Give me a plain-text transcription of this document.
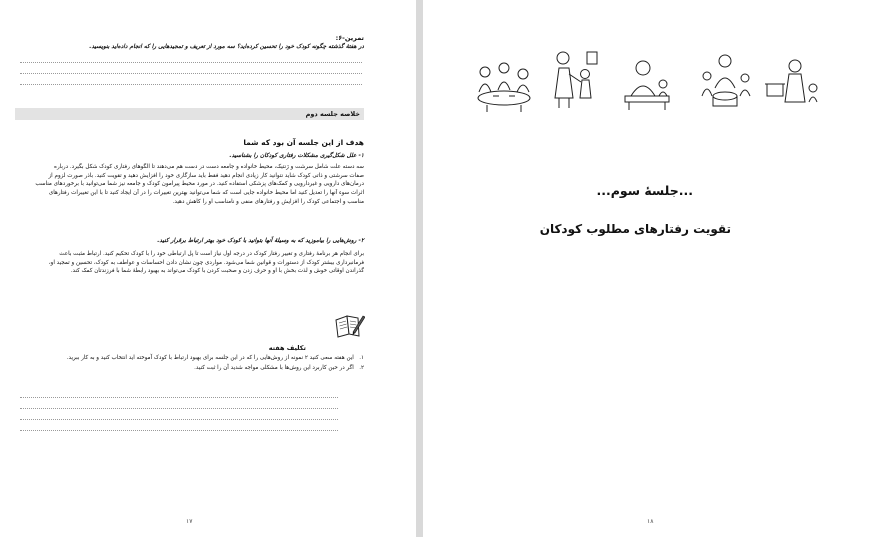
تمرین-۶:
در هفتهٔ گذشته چگونه کودک خود را تحسین کرده‌اید؟ سه مورد از تعریف و تمجیدهایی را که انجام داده‌اید بنویسید.
خلاصه جلسه دوم
هدف از این جلسه آن بود که شما
۱- علل شکل‌گیری مشکلات رفتاری کودکان را بشناسید.
سه دسته علت شامل سرشت و ژنتیک، محیط خانواده و جامعه دست در دست هم می‌دهند تا الگوهای رفتاری کودک شکل بگیرد. درباره
صفات سرشتی و ذاتی کودک شاید نتوانید کار زیادی انجام دهید فقط باید سازگاری خود را افزایش دهید و تقویت کنید. باذر صورت لزوم از
درمان‌های دارویی و غیردارویی و کمک‌های پزشکی استفاده کنید. در مورد محیط پیرامون کودک و جامعه نیز شما می‌توانید با برخوردهای مناسب
اثرات سوء آنها را تعدیل کنید اما محیط خانواده جایی است که شما می‌توانید بهترین تغییرات را در آن ایجاد کنید تا با این تغییرات رفتارهای
مناسب و اجتماعی کودک را افزایش و رفتارهای منفی و نامناسب او را کاهش دهید.
۲- روش‌هایی را بیاموزید که به وسیلهٔ آنها بتوانید با کودک خود بهتر ارتباط برقرار کنید.
برای انجام هر برنامهٔ رفتاری و تغییر رفتار کودک در درجه اول نیاز است تا پل ارتباطی خود را با کودک تحکیم کنید. ارتباط مثبت باعث
فرمانبرداری بیشتر کودک از دستورات و قوانین شما می‌شود. مواردی چون نشان دادن احساسات و عواطف به کودک، تحسین و تمجید او،
گذراندن اوقاتی خوش و لذت بخش با او و حرف زدن و صحبت کردن با کودک می‌تواند به بهبود رابطهٔ شما با فرزندتان کمک کند.
تکلیف هفته
۱.   این هفته سعی کنید ۲ نمونه از روش‌هایی را که در این جلسه برای بهبود ارتباط با کودک آموخته اید انتخاب کنید و به کار ببرید.
۲.   اگر در حین کاربرد این روش‌ها با مشکلی مواجه شدید آن را ثبت کنید.
۱۷
...جلسهٔ سوم...
تقویت رفتارهای مطلوب کودکان
۱۸
